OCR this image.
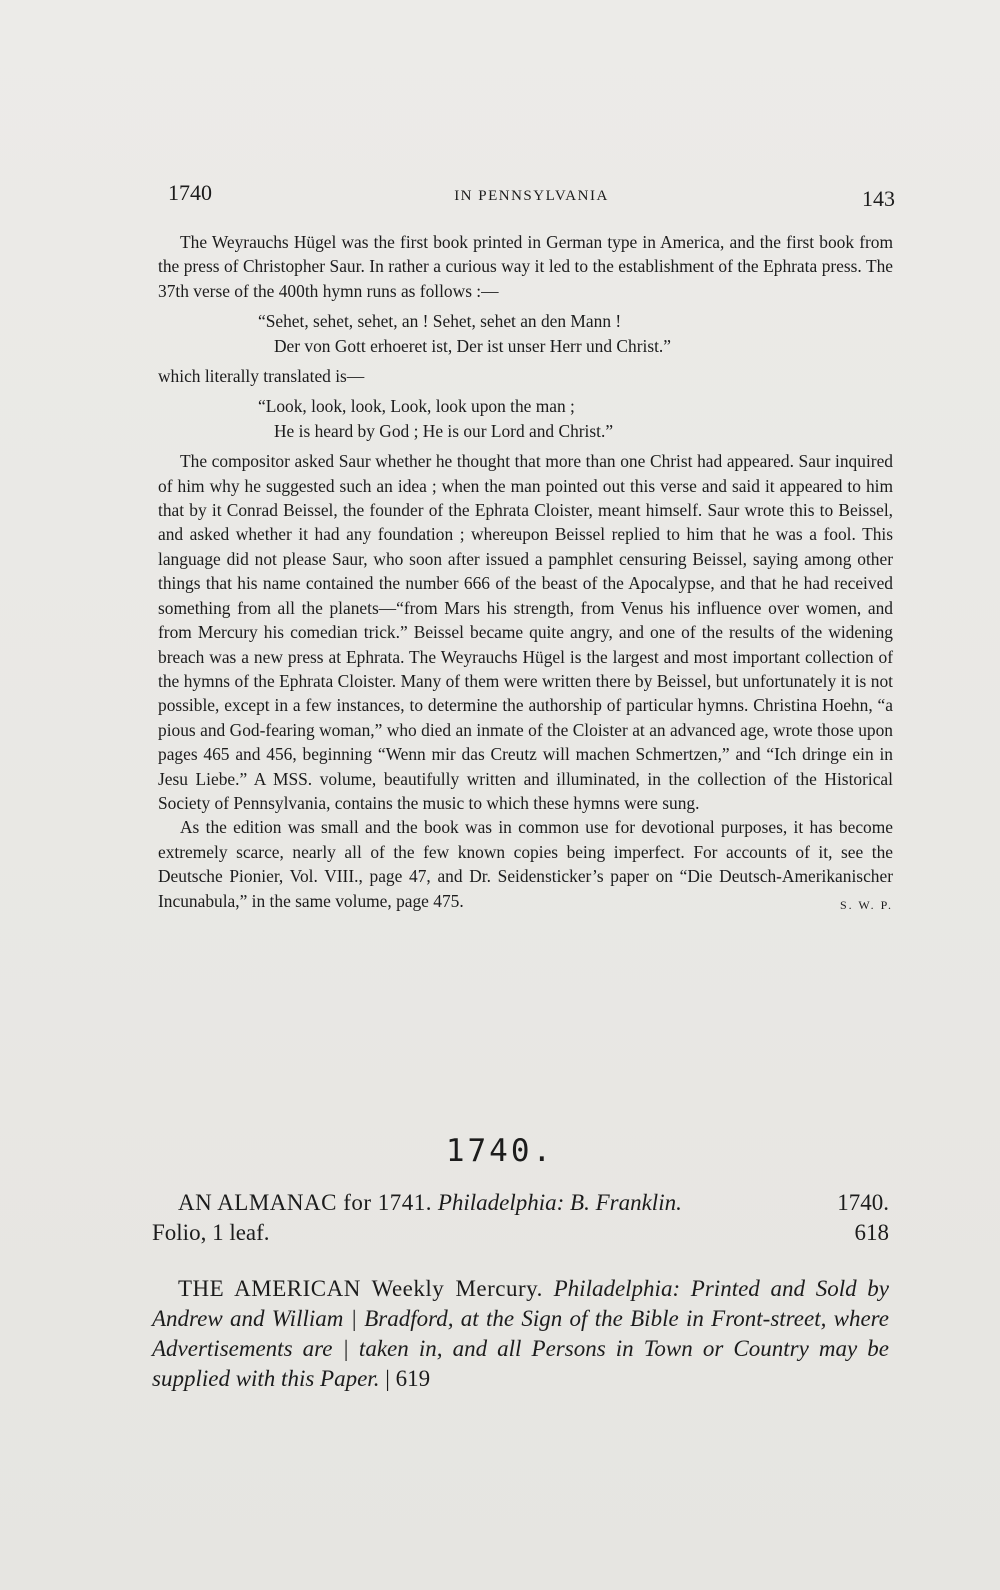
1740	IN PENNSYLVANIA	143

The Weyrauchs Hügel was the first book printed in German type in America, and the first book from the press of Christopher Saur. In rather a curious way it led to the establishment of the Ephrata press. The 37th verse of the 400th hymn runs as follows :—

“Sehet, sehet, sehet, an ! Sehet, sehet an den Mann !
Der von Gott erhoeret ist, Der ist unser Herr und Christ.”

which literally translated is—

“Look, look, look, Look, look upon the man ;
He is heard by God ; He is our Lord and Christ.”

The compositor asked Saur whether he thought that more than one Christ had appeared. Saur inquired of him why he suggested such an idea ; when the man pointed out this verse and said it appeared to him that by it Conrad Beissel, the founder of the Ephrata Cloister, meant himself. Saur wrote this to Beissel, and asked whether it had any foundation ; whereupon Beissel replied to him that he was a fool. This language did not please Saur, who soon after issued a pamphlet censuring Beissel, saying among other things that his name contained the number 666 of the beast of the Apocalypse, and that he had received something from all the planets—“from Mars his strength, from Venus his influence over women, and from Mercury his comedian trick.” Beissel became quite angry, and one of the results of the widening breach was a new press at Ephrata. The Weyrauchs Hügel is the largest and most important collection of the hymns of the Ephrata Cloister. Many of them were written there by Beissel, but unfortunately it is not possible, except in a few instances, to determine the authorship of particular hymns. Christina Hoehn, “a pious and God-fearing woman,” who died an inmate of the Cloister at an advanced age, wrote those upon pages 465 and 456, beginning “Wenn mir das Creutz will machen Schmertzen,” and “Ich dringe ein in Jesu Liebe.” A MSS. volume, beautifully written and illuminated, in the collection of the Historical Society of Pennsylvania, contains the music to which these hymns were sung.

As the edition was small and the book was in common use for devotional purposes, it has become extremely scarce, nearly all of the few known copies being imperfect. For accounts of it, see the Deutsche Pionier, Vol. VIII., page 47, and Dr. Seidensticker’s paper on “Die Deutsch-Amerikanischer Incunabula,” in the same volume, page 475.	S. W. P.

1740.
AN ALMANAC for 1741. Philadelphia: B. Franklin.	1740.
Folio, 1 leaf.	618
THE AMERICAN Weekly Mercury. Philadelphia: Printed and Sold by Andrew and William | Bradford, at the Sign of the Bible in Front-street, where Advertisements are | taken in, and all Persons in Town or Country may be supplied with this Paper. | 619
